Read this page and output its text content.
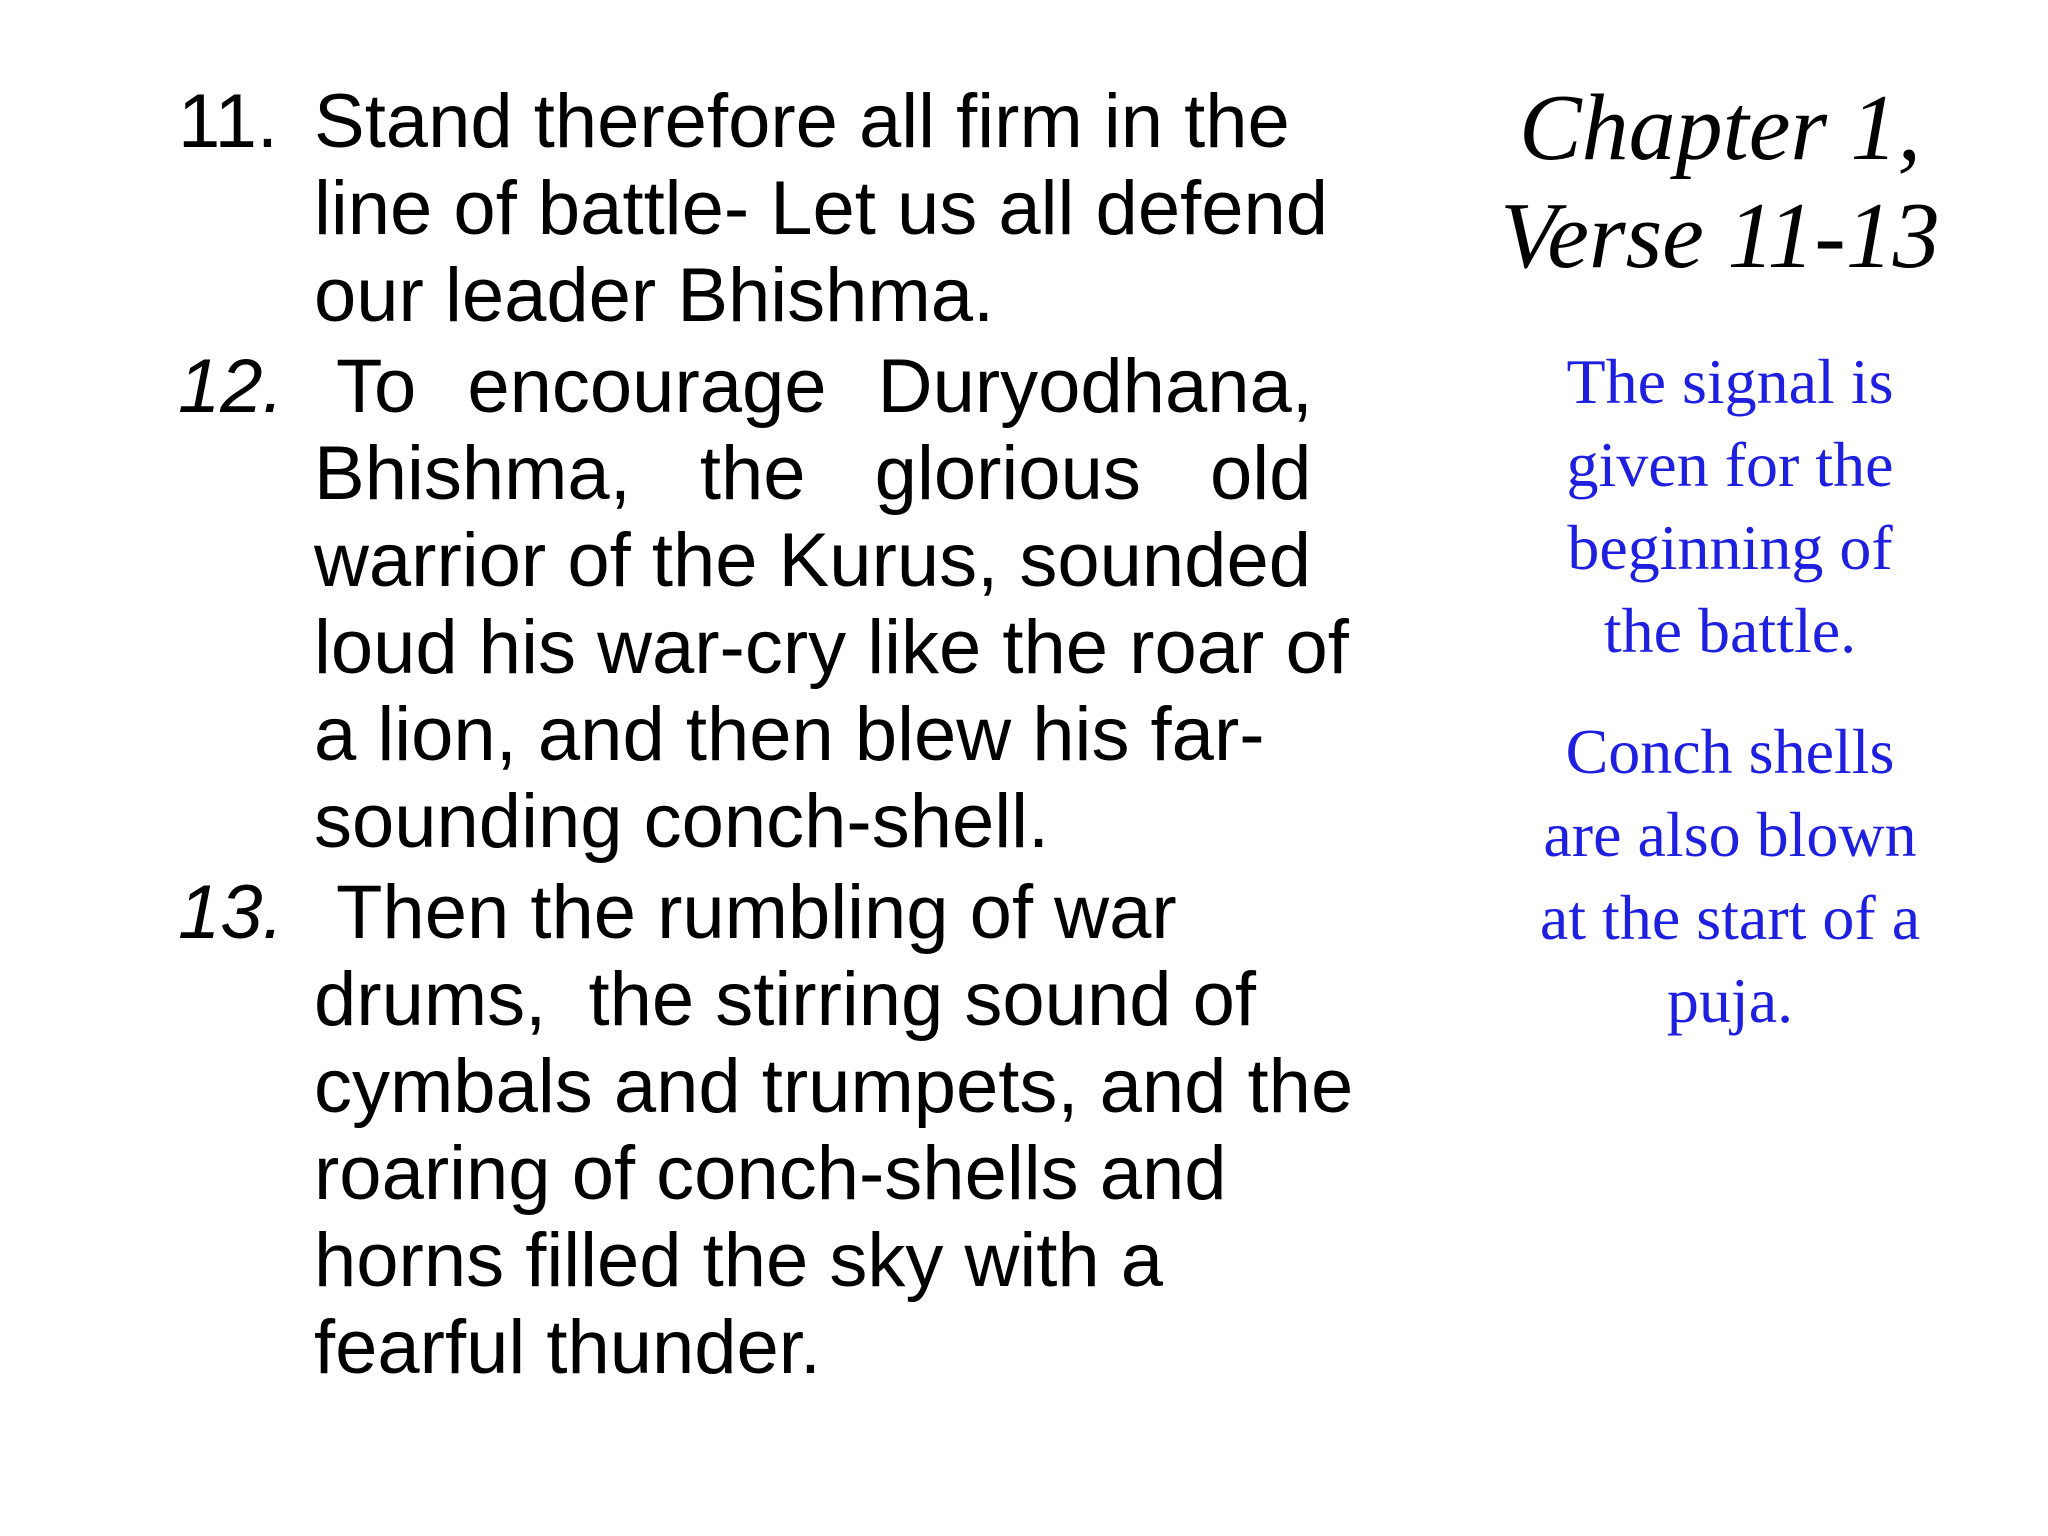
11. Stand therefore all firm in the
line of battle- Let us all defend
our leader Bhishma.
12. To encourage Duryodhana,
Bhishma, the glorious old
warrior of the Kurus, sounded
loud his war-cry like the roar of
a lion, and then blew his far-
sounding conch-shell.
13. Then the rumbling of war
drums,  the stirring sound of
cymbals and trumpets, and the
roaring of conch-shells and
horns filled the sky with a
fearful thunder.
Chapter 1,
Verse 11-13
The signal is
given for the
beginning of
the battle.
Conch shells
are also blown
at the start of a
puja.
